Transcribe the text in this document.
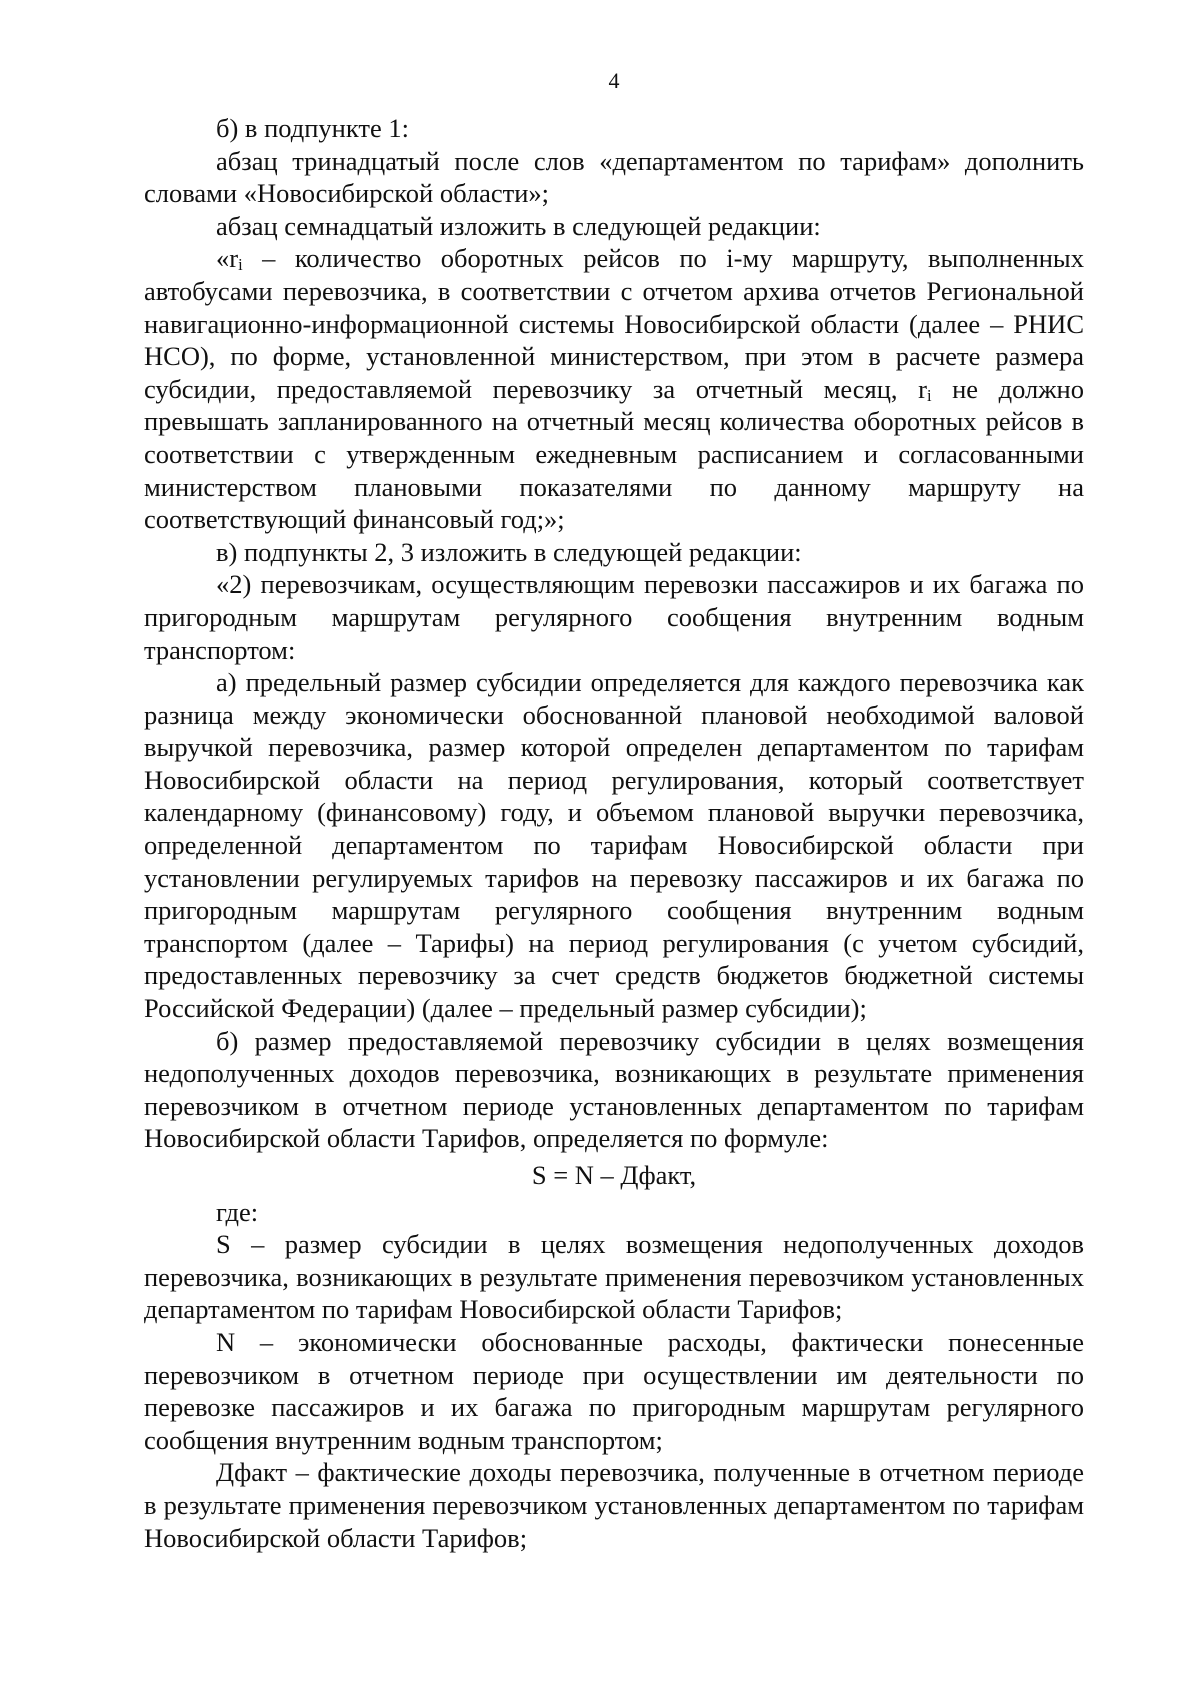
4

б) в подпункте 1:

абзац тринадцатый после слов «департаментом по тарифам» дополнить словами «Новосибирской области»;

абзац семнадцатый изложить в следующей редакции:

«ri – количество оборотных рейсов по i-му маршруту, выполненных автобусами перевозчика, в соответствии с отчетом архива отчетов Региональной навигационно-информационной системы Новосибирской области (далее – РНИС НСО), по форме, установленной министерством, при этом в расчете размера субсидии, предоставляемой перевозчику за отчетный месяц, ri не должно превышать запланированного на отчетный месяц количества оборотных рейсов в соответствии с утвержденным ежедневным расписанием и согласованными министерством плановыми показателями по данному маршруту на соответствующий финансовый год;»;

в) подпункты 2, 3 изложить в следующей редакции:

«2) перевозчикам, осуществляющим перевозки пассажиров и их багажа по пригородным маршрутам регулярного сообщения внутренним водным транспортом:

а) предельный размер субсидии определяется для каждого перевозчика как разница между экономически обоснованной плановой необходимой валовой выручкой перевозчика, размер которой определен департаментом по тарифам Новосибирской области на период регулирования, который соответствует календарному (финансовому) году, и объемом плановой выручки перевозчика, определенной департаментом по тарифам Новосибирской области при установлении регулируемых тарифов на перевозку пассажиров и их багажа по пригородным маршрутам регулярного сообщения внутренним водным транспортом (далее – Тарифы) на период регулирования (с учетом субсидий, предоставленных перевозчику за счет средств бюджетов бюджетной системы Российской Федерации) (далее – предельный размер субсидии);

б) размер предоставляемой перевозчику субсидии в целях возмещения недополученных доходов перевозчика, возникающих в результате применения перевозчиком в отчетном периоде установленных департаментом по тарифам Новосибирской области Тарифов, определяется по формуле:

S = N – Дфакт,

где:

S – размер субсидии в целях возмещения недополученных доходов перевозчика, возникающих в результате применения перевозчиком установленных департаментом по тарифам Новосибирской области Тарифов;

N – экономически обоснованные расходы, фактически понесенные перевозчиком в отчетном периоде при осуществлении им деятельности по перевозке пассажиров и их багажа по пригородным маршрутам регулярного сообщения внутренним водным транспортом;

Дфакт – фактические доходы перевозчика, полученные в отчетном периоде в результате применения перевозчиком установленных департаментом по тарифам Новосибирской области Тарифов;
